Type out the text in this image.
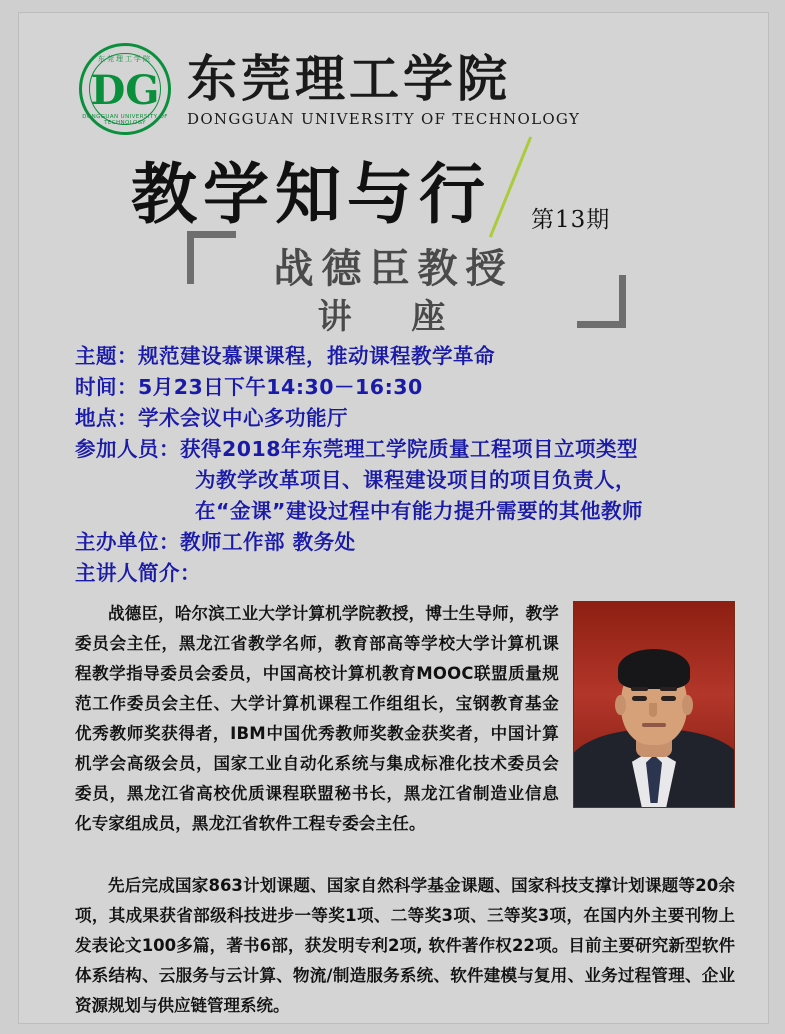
东莞理工学院
DG
DONGGUAN UNIVERSITY OF TECHNOLOGY
东莞理工学院
DONGGUAN UNIVERSITY OF TECHNOLOGY
教学知与行 第13期
战德臣教授
讲 座
主题： 规范建设慕课课程，推动课程教学革命
时间： 5月23日下午14:30－16:30
地点： 学术会议中心多功能厅
参加人员： 获得2018年东莞理工学院质量工程项目立项类型
为教学改革项目、课程建设项目的项目负责人，
在“金课”建设过程中有能力提升需要的其他教师
主办单位： 教师工作部 教务处
主讲人简介：

战德臣，哈尔滨工业大学计算机学院教授，博士生导师，教学委员会主任，黑龙江省教学名师，教育部高等学校大学计算机课程教学指导委员会委员，中国高校计算机教育MOOC联盟质量规范工作委员会主任、大学计算机课程工作组组长，宝钢教育基金优秀教师奖获得者，IBM中国优秀教师奖教金获奖者，中国计算机学会高级会员，国家工业自动化系统与集成标准化技术委员会委员，黑龙江省高校优质课程联盟秘书长，黑龙江省制造业信息化专家组成员，黑龙江省软件工程专委会主任。

先后完成国家863计划课题、国家自然科学基金课题、国家科技支撑计划课题等20余项，其成果获省部级科技进步一等奖1项、二等奖3项、三等奖3项，在国内外主要刊物上发表论文100多篇，著书6部，获发明专利2项, 软件著作权22项。目前主要研究新型软件体系结构、云服务与云计算、物流/制造服务系统、软件建模与复用、业务过程管理、企业资源规划与供应链管理系统。
